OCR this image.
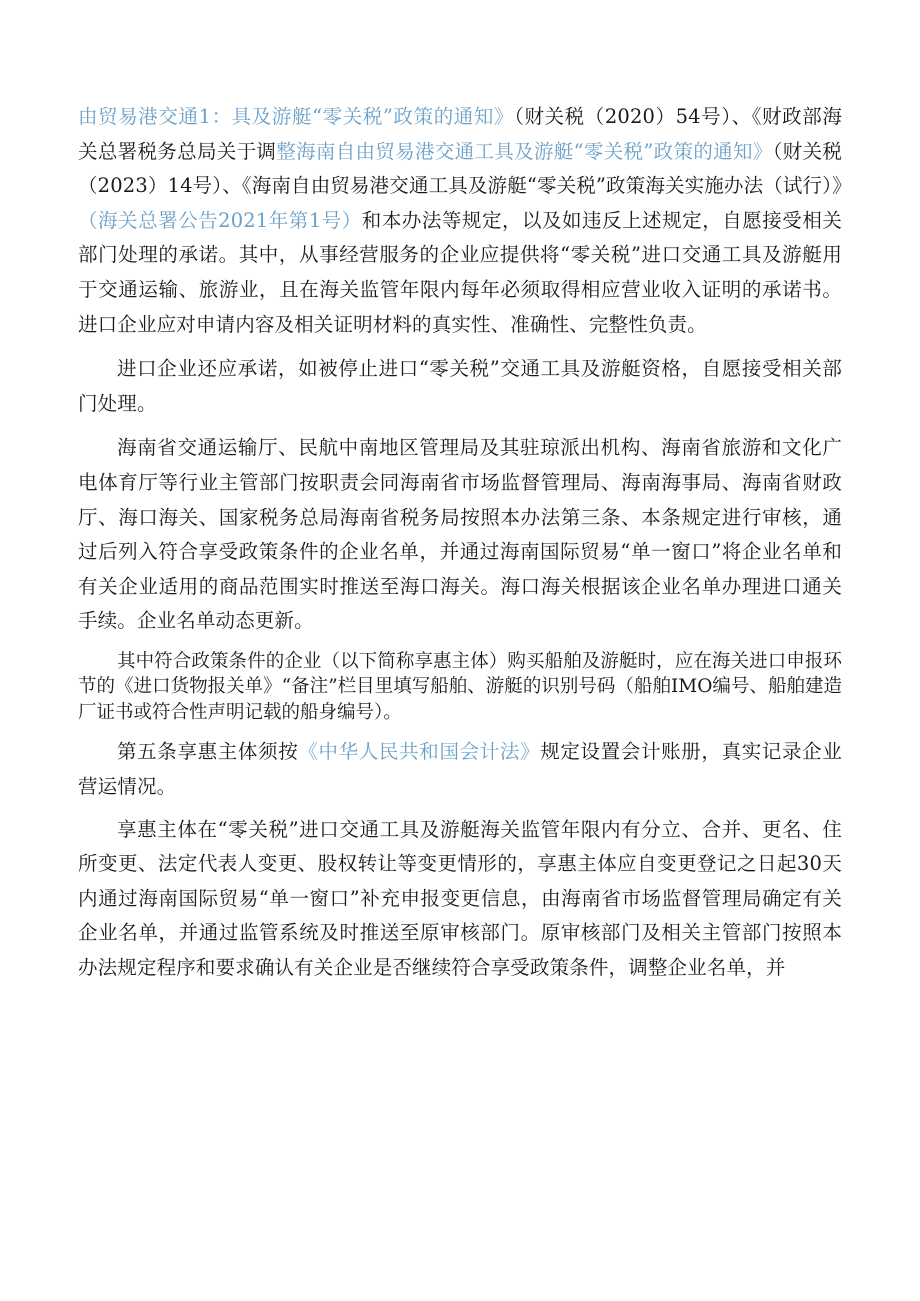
由贸易港交通1：具及游艇“零关税”政策的通知》（财关税（2020）54号）、《财政部海关总署税务总局关于调整海南自由贸易港交通工具及游艇“零关税”政策的通知》（财关税（2023）14号）、《海南自由贸易港交通工具及游艇“零关税”政策海关实施办法（试行）》（海关总署公告2021年第1号）和本办法等规定，以及如违反上述规定，自愿接受相关部门处理的承诺。其中，从事经营服务的企业应提供将“零关税”进口交通工具及游艇用于交通运输、旅游业，且在海关监管年限内每年必须取得相应营业收入证明的承诺书。进口企业应对申请内容及相关证明材料的真实性、准确性、完整性负责。

进口企业还应承诺，如被停止进口“零关税”交通工具及游艇资格，自愿接受相关部门处理。

海南省交通运输厅、民航中南地区管理局及其驻琼派出机构、海南省旅游和文化广电体育厅等行业主管部门按职责会同海南省市场监督管理局、海南海事局、海南省财政厅、海口海关、国家税务总局海南省税务局按照本办法第三条、本条规定进行审核，通过后列入符合享受政策条件的企业名单，并通过海南国际贸易“单一窗口”将企业名单和有关企业适用的商品范围实时推送至海口海关。海口海关根据该企业名单办理进口通关手续。企业名单动态更新。

其中符合政策条件的企业（以下简称享惠主体）购买船舶及游艇时，应在海关进口申报环节的《进口货物报关单》“备注”栏目里填写船舶、游艇的识别号码（船舶IMO编号、船舶建造厂证书或符合性声明记载的船身编号）。

第五条享惠主体须按《中华人民共和国会计法》规定设置会计账册，真实记录企业营运情况。

享惠主体在“零关税”进口交通工具及游艇海关监管年限内有分立、合并、更名、住所变更、法定代表人变更、股权转让等变更情形的，享惠主体应自变更登记之日起30天内通过海南国际贸易“单一窗口”补充申报变更信息，由海南省市场监督管理局确定有关企业名单，并通过监管系统及时推送至原审核部门。原审核部门及相关主管部门按照本办法规定程序和要求确认有关企业是否继续符合享受政策条件，调整企业名单，并
